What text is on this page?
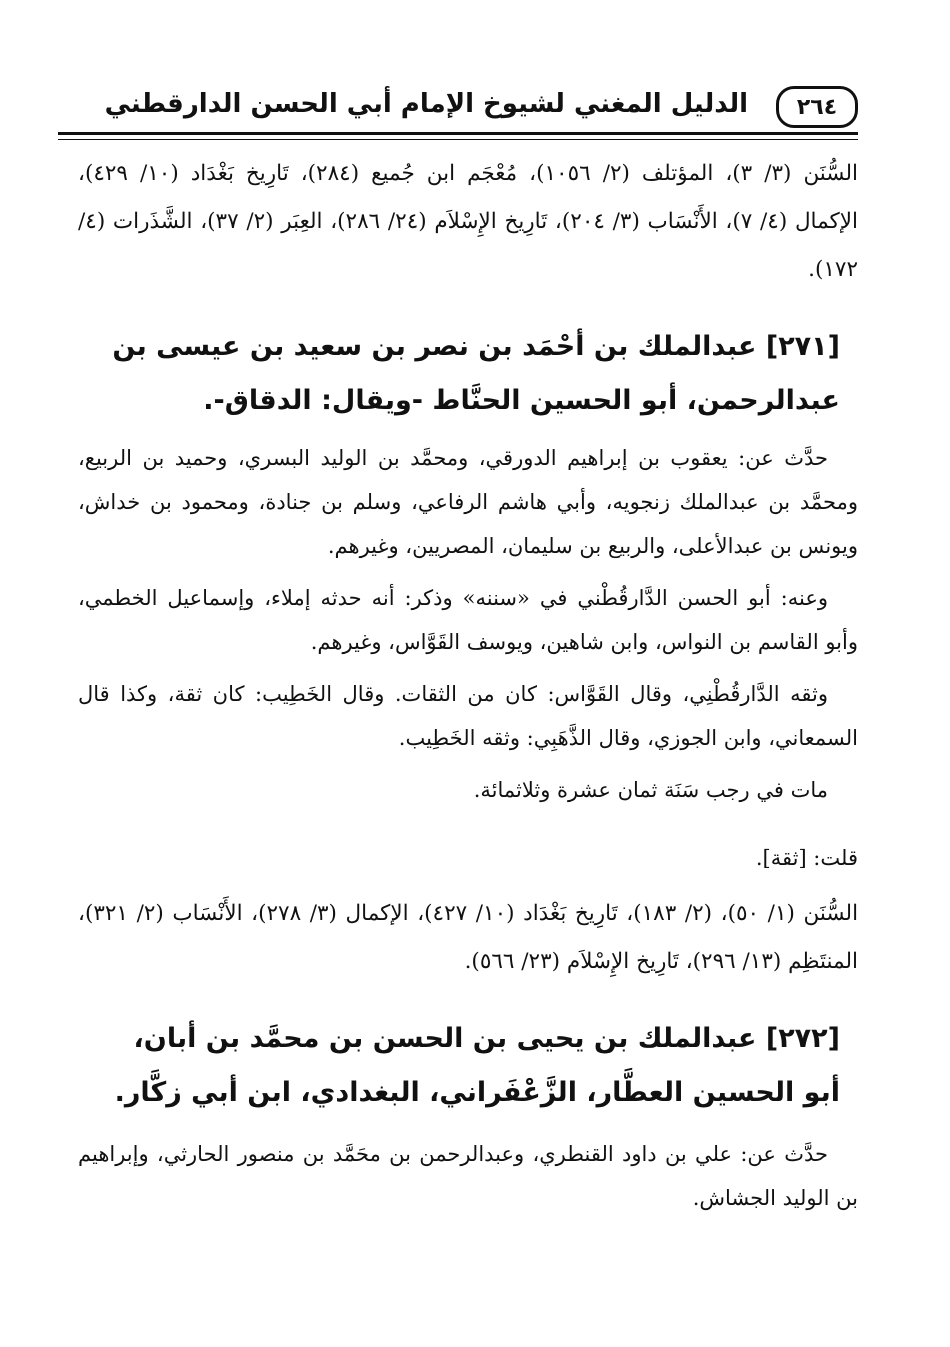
٢٦٤
الدليل المغني لشيوخ الإمام أبي الحسن الدارقطني
السُّنَن (٣/ ٣)، المؤتلف (٢/ ١٠٥٦)، مُعْجَم ابن جُميع (٢٨٤)، تَارِيخ بَغْدَاد (١٠/ ٤٢٩)، الإكمال (٤/ ٧)، الأَنْسَاب (٣/ ٢٠٤)، تَارِيخ الإِسْلاَم (٢٤/ ٢٨٦)، العِبَر (٢/ ٣٧)، الشَّذَرات (٤/ ١٧٢).
[٢٧١] عبدالملك بن أحْمَد بن نصر بن سعيد بن عيسى بن عبدالرحمن، أبو الحسين الحنَّاط -ويقال: الدقاق-.

حدَّث عن: يعقوب بن إبراهيم الدورقي، ومحمَّد بن الوليد البسري، وحميد بن الربيع، ومحمَّد بن عبدالملك زنجويه، وأبي هاشم الرفاعي، وسلم بن جنادة، ومحمود بن خداش، ويونس بن عبدالأعلى، والربيع بن سليمان، المصريين، وغيرهم.

وعنه: أبو الحسن الدَّارقُطْني في «سننه» وذكر: أنه حدثه إملاء، وإسماعيل الخطمي، وأبو القاسم بن النواس، وابن شاهين، ويوسف القَوَّاس، وغيرهم.

وثقه الدَّارقُطْنِي، وقال القَوَّاس: كان من الثقات. وقال الخَطِيب: كان ثقة، وكذا قال السمعاني، وابن الجوزي، وقال الذَّهَبِي: وثقه الخَطِيب.

مات في رجب سَنَة ثمان عشرة وثلاثمائة.

قلت: [ثقة].
السُّنَن (١/ ٥٠)، (٢/ ١٨٣)، تَارِيخ بَغْدَاد (١٠/ ٤٢٧)، الإكمال (٣/ ٢٧٨)، الأَنْسَاب (٢/ ٣٢١)، المنتَظِم (١٣/ ٢٩٦)، تَارِيخ الإِسْلاَم (٢٣/ ٥٦٦).
[٢٧٢] عبدالملك بن يحيى بن الحسن بن محمَّد بن أبان، أبو الحسين العطَّار، الزَّعْفَراني، البغدادي، ابن أبي زكَّار.

حدَّث عن: علي بن داود القنطري، وعبدالرحمن بن محَمَّد بن منصور الحارثي، وإبراهيم بن الوليد الجشاش.
